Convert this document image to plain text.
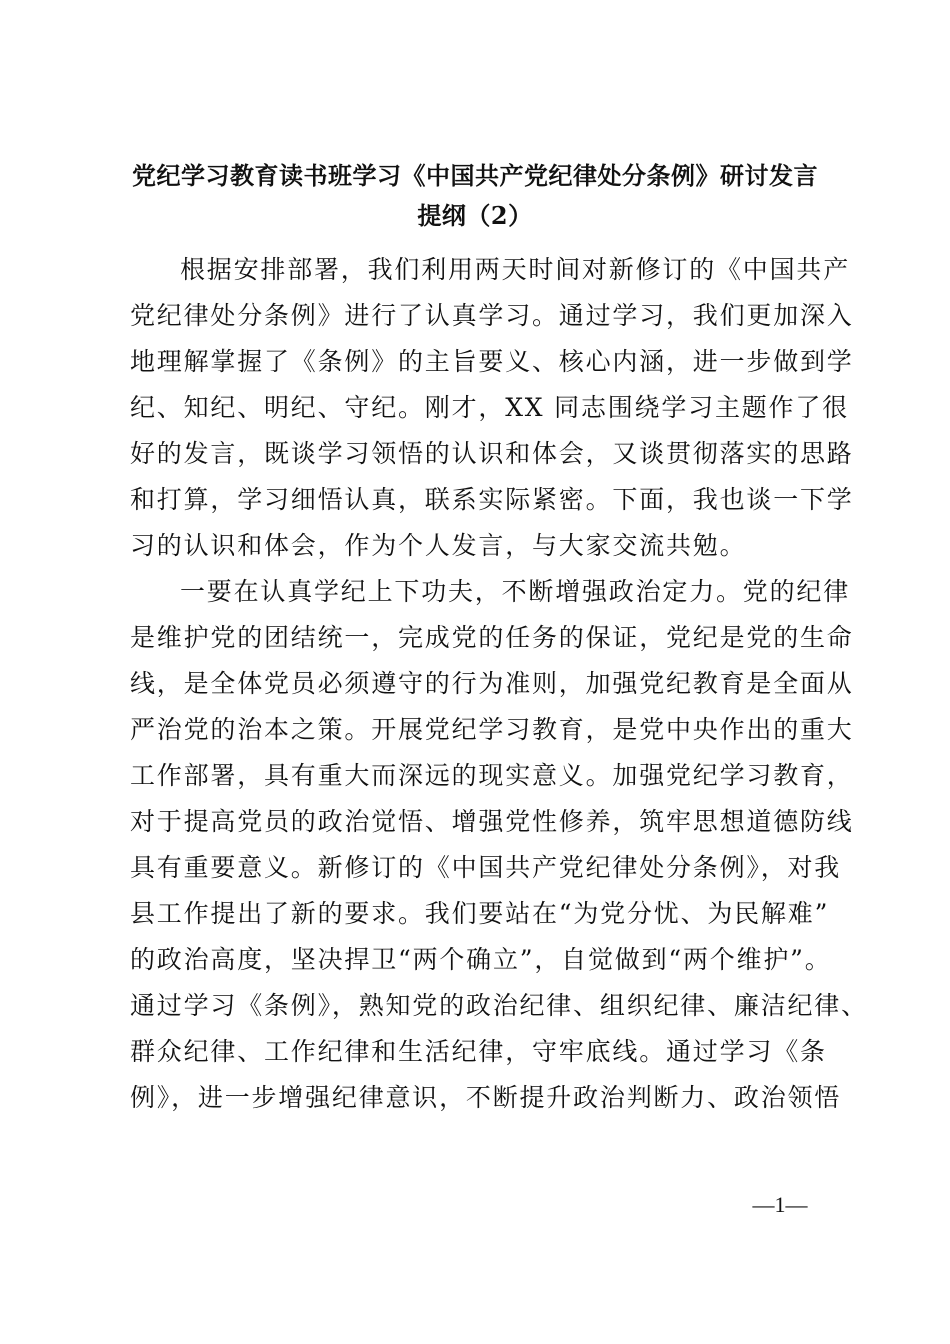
党纪学习教育读书班学习《中国共产党纪律处分条例》研讨发言
提纲（2）
根据安排部署，我们利用两天时间对新修订的《中国共产
党纪律处分条例》进行了认真学习。通过学习，我们更加深入
地理解掌握了《条例》的主旨要义、核心内涵，进一步做到学
纪、知纪、明纪、守纪。刚才，XX 同志围绕学习主题作了很
好的发言，既谈学习领悟的认识和体会，又谈贯彻落实的思路
和打算，学习细悟认真，联系实际紧密。下面，我也谈一下学
习的认识和体会，作为个人发言，与大家交流共勉。
一要在认真学纪上下功夫，不断增强政治定力。党的纪律
是维护党的团结统一，完成党的任务的保证，党纪是党的生命
线，是全体党员必须遵守的行为准则，加强党纪教育是全面从
严治党的治本之策。开展党纪学习教育，是党中央作出的重大
工作部署，具有重大而深远的现实意义。加强党纪学习教育，
对于提高党员的政治觉悟、增强党性修养，筑牢思想道德防线
具有重要意义。新修订的《中国共产党纪律处分条例》，对我
县工作提出了新的要求。我们要站在“为党分忧、为民解难”
的政治高度，坚决捍卫“两个确立”，自觉做到“两个维护”。
通过学习《条例》，熟知党的政治纪律、组织纪律、廉洁纪律、
群众纪律、工作纪律和生活纪律，守牢底线。通过学习《条
例》，进一步增强纪律意识，不断提升政治判断力、政治领悟
—1—
